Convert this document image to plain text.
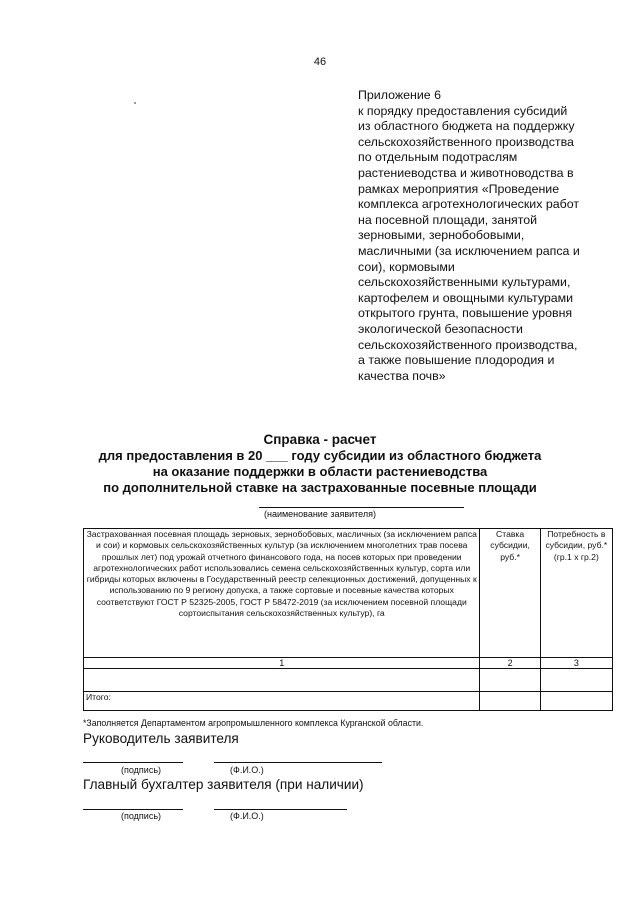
46
Приложение 6
к порядку предоставления субсидий
из областного бюджета на поддержку
сельскохозяйственного производства
по отдельным подотраслям
растениеводства и животноводства в
рамках мероприятия «Проведение
комплекса агротехнологических работ
на посевной площади, занятой
зерновыми, зернобобовыми,
масличными (за исключением рапса и
сои), кормовыми
сельскохозяйственными культурами,
картофелем и овощными культурами
открытого грунта, повышение уровня
экологической безопасности
сельскохозяйственного производства,
а также повышение плодородия и
качества почв»
Справка - расчет
для предоставления в 20 ___ году субсидии из областного бюджета
на оказание поддержки в области растениеводства
по дополнительной ставке на застрахованные посевные площади
(наименование заявителя)
Застрахованная посевная площадь зерновых, зернобобовых, масличных (за исключением рапса и сои) и кормовых сельскохозяйственных культур (за исключением многолетних трав посева прошлых лет) под урожай отчетного финансового года, на посев которых при проведении агротехнологических работ использовались семена сельскохозяйственных культур, сорта или гибриды которых включены в Государственный реестр селекционных достижений, допущенных к использованию по 9 региону допуска, а также сортовые и посевные качества которых соответствуют ГОСТ Р 52325-2005, ГОСТ Р 58472-2019 (за исключением посевной площади сортоиспытания сельскохозяйственных культур), га	Ставка субсидии, руб.*	Потребность в субсидии, руб.* (гр.1 х гр.2)
1	2	3

Итого:		
*Заполняется Департаментом агропромышленного комплекса Курганской области.
Руководитель заявителя
(подпись)	(Ф.И.О.)
Главный бухгалтер заявителя (при наличии)
(подпись)	(Ф.И.О.)
